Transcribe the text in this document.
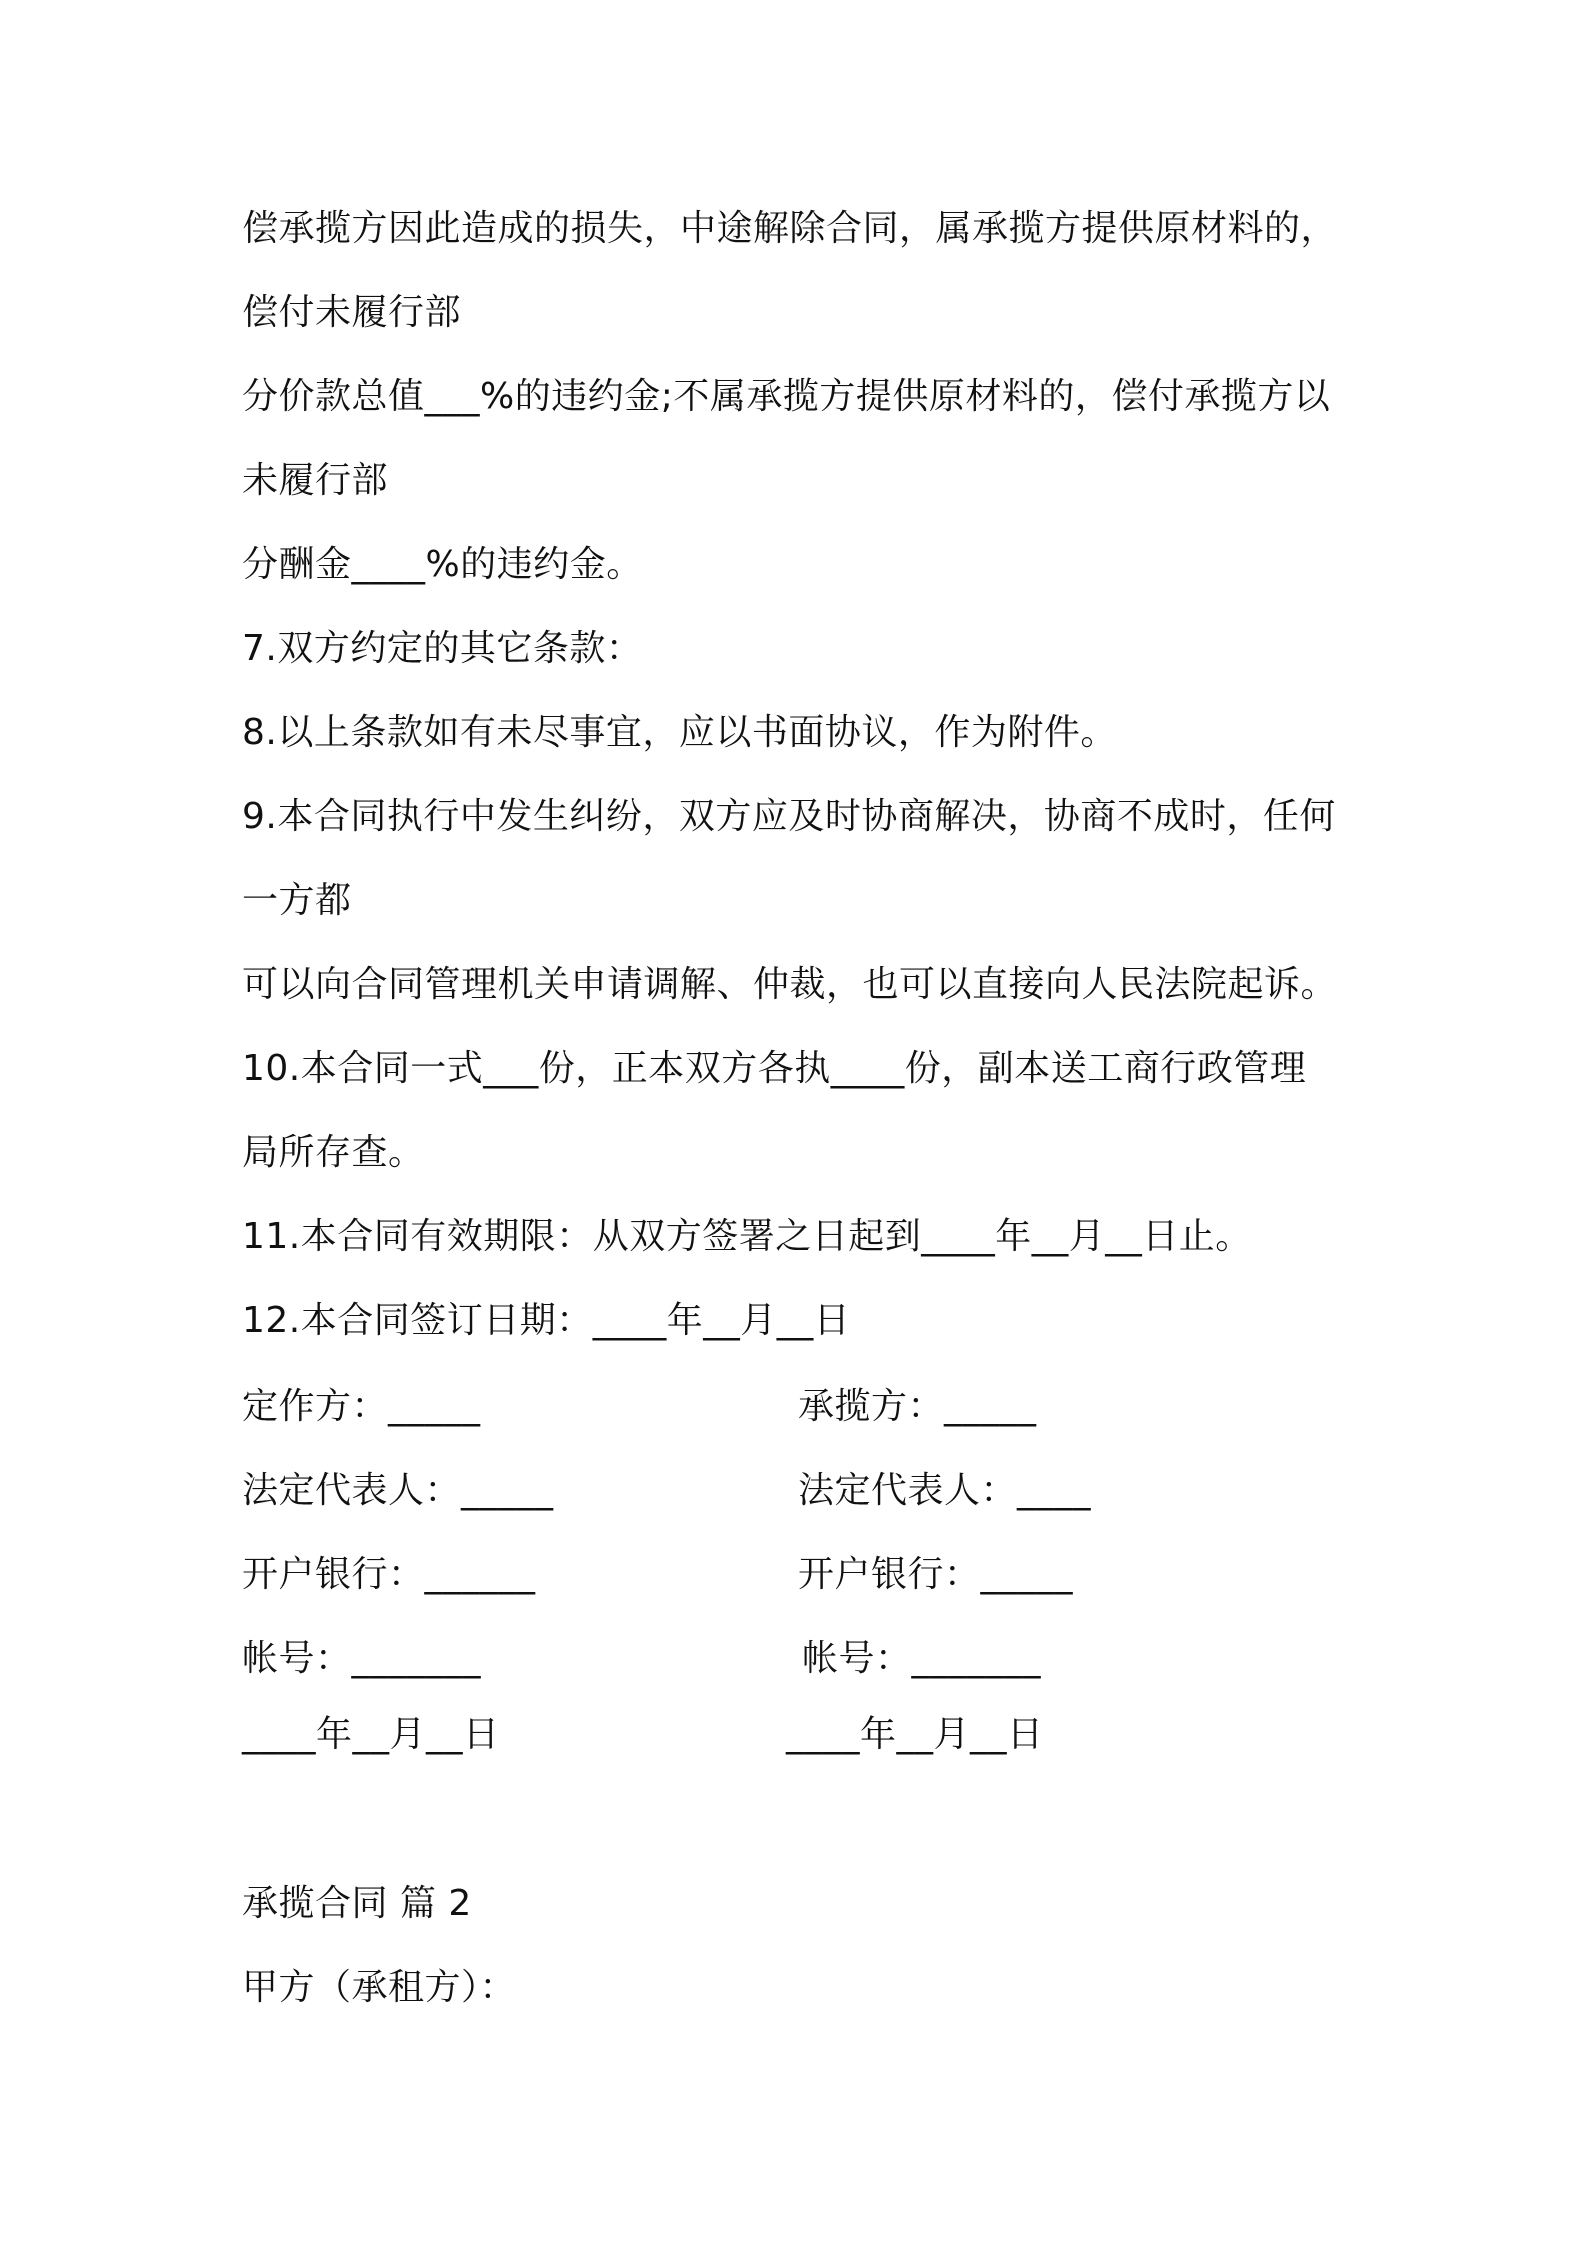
偿承揽方因此造成的损失，中途解除合同，属承揽方提供原材料的，
偿付未履行部
分价款总值___%的违约金;不属承揽方提供原材料的，偿付承揽方以
未履行部
分酬金____%的违约金。
7.双方约定的其它条款：
8.以上条款如有未尽事宜，应以书面协议，作为附件。
9.本合同执行中发生纠纷，双方应及时协商解决，协商不成时，任何
一方都
可以向合同管理机关申请调解、仲裁，也可以直接向人民法院起诉。
10.本合同一式___份，正本双方各执____份，副本送工商行政管理
局所存查。
11.本合同有效期限：从双方签署之日起到____年__月__日止。
12.本合同签订日期：____年__月__日
定作方：_____
法定代表人：_____
开户银行：______
帐号：_______
____年__月__日
承揽方：_____
法定代表人：____
开户银行：_____
帐号：_______
____年__月__日
承揽合同 篇 2
甲方（承租方）：
